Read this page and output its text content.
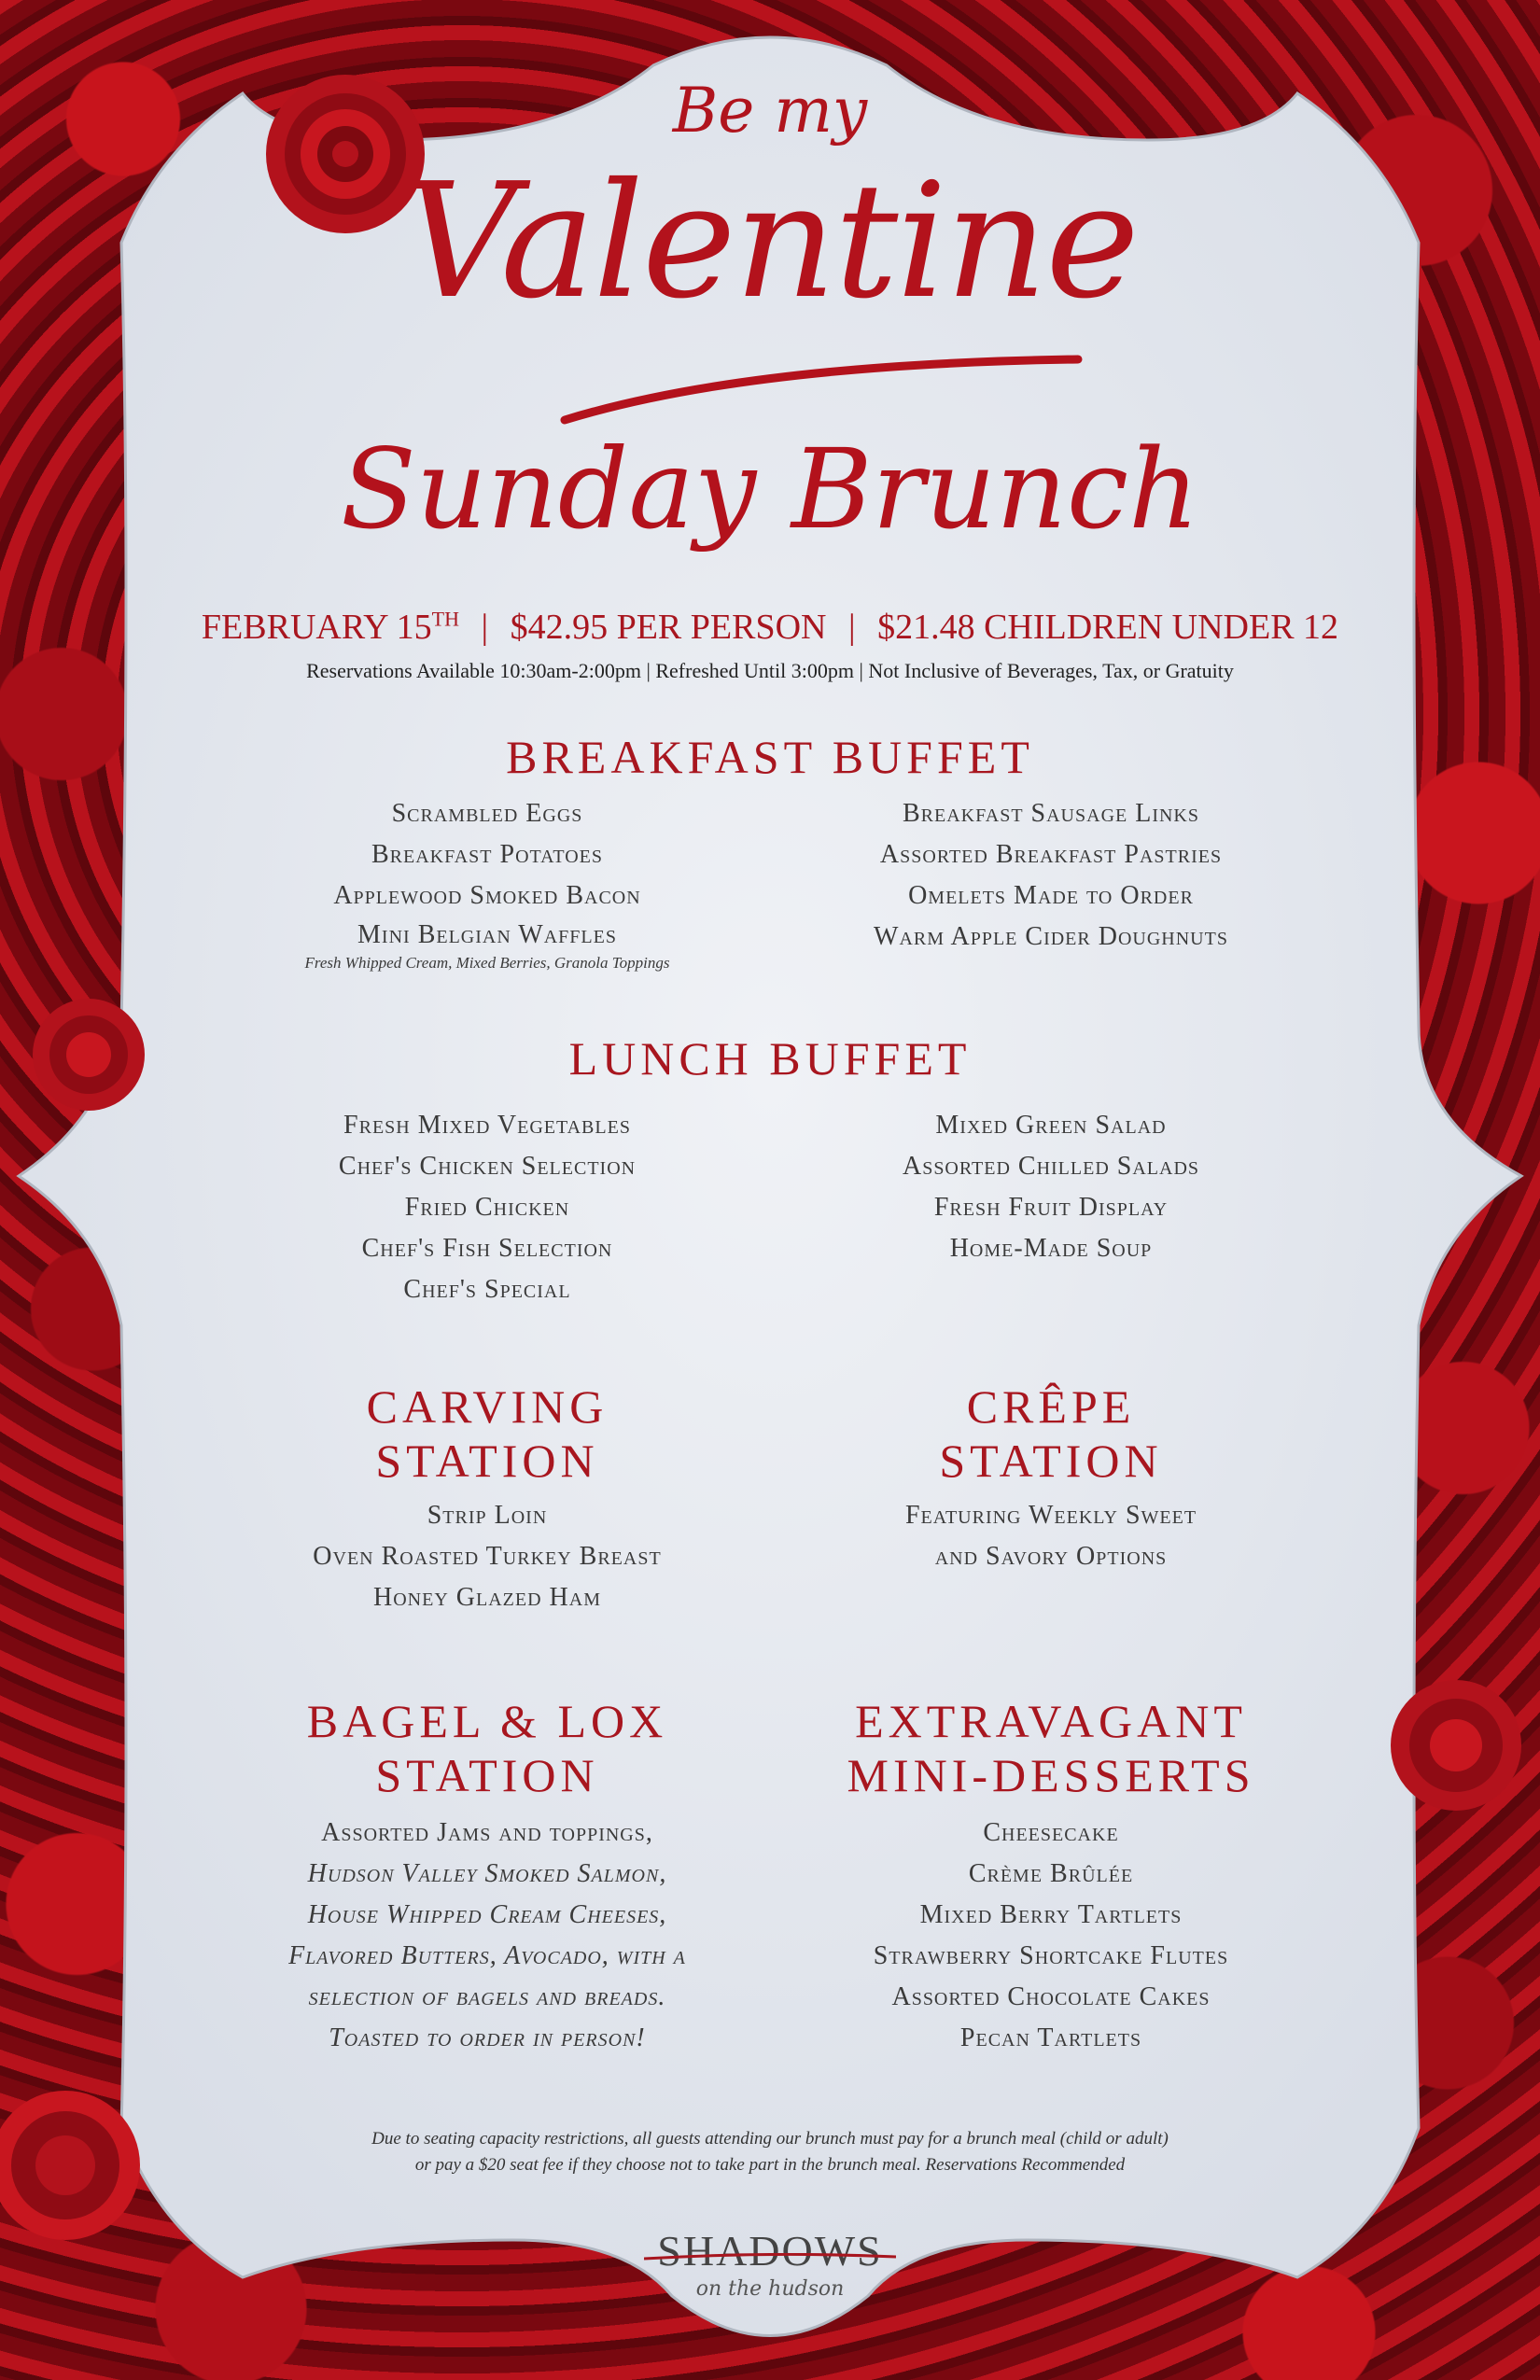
Be my
Valentine
Sunday Brunch
FEBRUARY 15TH | $42.95 PER PERSON | $21.48 CHILDREN UNDER 12
Reservations Available 10:30am-2:00pm | Refreshed Until 3:00pm | Not Inclusive of Beverages, Tax, or Gratuity
BREAKFAST BUFFET
Scrambled Eggs
Breakfast Potatoes
Applewood Smoked Bacon
Mini Belgian Waffles
Fresh Whipped Cream, Mixed Berries, Granola Toppings
Breakfast Sausage Links
Assorted Breakfast Pastries
Omelets Made to Order
Warm Apple Cider Doughnuts
LUNCH BUFFET
Fresh Mixed Vegetables
Chef's Chicken Selection
Fried Chicken
Chef's Fish Selection
Chef's Special
Mixed Green Salad
Assorted Chilled Salads
Fresh Fruit Display
Home-Made Soup
CARVING
STATION
Strip Loin
Oven Roasted Turkey Breast
Honey Glazed Ham
CRÊPE
STATION
Featuring Weekly Sweet
and Savory Options
BAGEL & LOX
STATION
Assorted Jams and toppings,
Hudson Valley Smoked Salmon,
House Whipped Cream Cheeses,
Flavored Butters, Avocado, with a
selection of bagels and breads.
Toasted to order in person!
EXTRAVAGANT
MINI-DESSERTS
Cheesecake
Crème Brûlée
Mixed Berry Tartlets
Strawberry Shortcake Flutes
Assorted Chocolate Cakes
Pecan Tartlets
Due to seating capacity restrictions, all guests attending our brunch must pay for a brunch meal (child or adult)
or pay a $20 seat fee if they choose not to take part in the brunch meal. Reservations Recommended
SHADOWS
on the hudson
